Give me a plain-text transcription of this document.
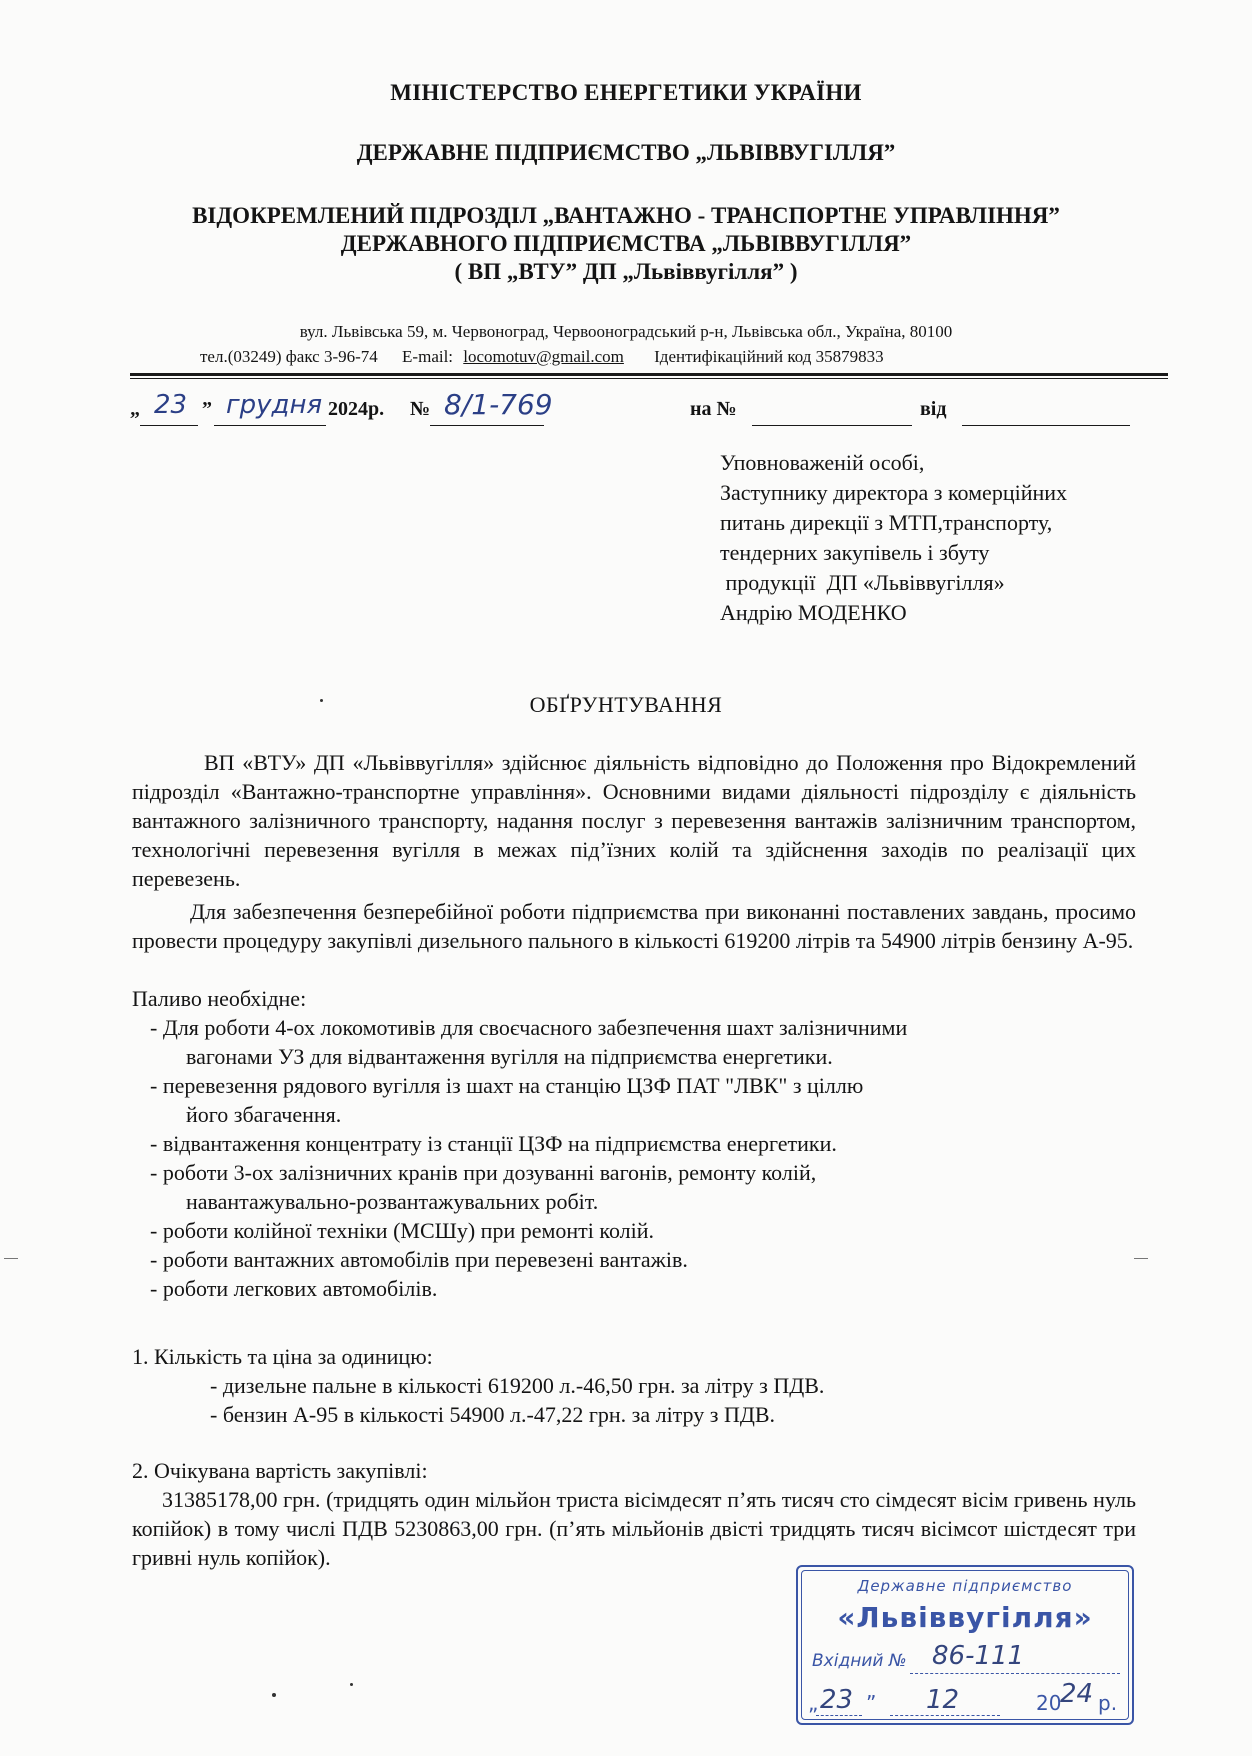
МІНІСТЕРСТВО ЕНЕРГЕТИКИ УКРАЇНИ
ДЕРЖАВНЕ ПІДПРИЄМСТВО „ЛЬВІВВУГІЛЛЯ”
ВІДОКРЕМЛЕНИЙ ПІДРОЗДІЛ „ВАНТАЖНО - ТРАНСПОРТНЕ УПРАВЛІННЯ”
ДЕРЖАВНОГО ПІДПРИЄМСТВА „ЛЬВІВВУГІЛЛЯ”
( ВП „ВТУ” ДП „Львіввугілля” )
вул. Львівська 59, м. Червоноград, Червооноградський р-н, Львівська обл., Україна, 80100
тел.(03249) факс 3-96-74 E-mail: locomotuv@gmail.com Ідентифікаційний код 35879833
„ 23 ” грудня 2024р. № 8/1-769	на №	від
Уповноваженій особі,
Заступнику директора з комерційних
питань дирекції з МТП,транспорту,
тендерних закупівель і збуту
продукції  ДП «Львіввугілля»
Андрію МОДЕНКО
ОБҐРУНТУВАННЯ
ВП «ВТУ» ДП «Львіввугілля» здійснює діяльність відповідно до Положення про Відокремлений підрозділ «Вантажно-транспортне управління». Основними видами діяльності підрозділу є діяльність вантажного залізничного транспорту, надання послуг з перевезення вантажів залізничним транспортом, технологічні перевезення вугілля в межах під’їзних колій та здійснення заходів по реалізації цих перевезень.
Для забезпечення безперебійної роботи підприємства при виконанні поставлених завдань, просимо провести процедуру закупівлі дизельного пального в кількості 619200 літрів та 54900 літрів бензину А-95.
Паливо необхідне:
- Для роботи 4-ох локомотивів для своєчасного забезпечення шахт залізничними
вагонами УЗ для відвантаження вугілля на підприємства енергетики.
- перевезення рядового вугілля із шахт на станцію ЦЗФ ПАТ "ЛВК" з ціллю
його збагачення.
- відвантаження концентрату із станції ЦЗФ на підприємства енергетики.
- роботи 3-ох залізничних кранів при дозуванні вагонів, ремонту колій,
навантажувально-розвантажувальних робіт.
- роботи колійної техніки (МСШу) при ремонті колій.
- роботи вантажних автомобілів при перевезені вантажів.
- роботи легкових автомобілів.
1. Кількість та ціна за одиницю:
- дизельне пальне в кількості 619200 л.-46,50 грн. за літру з ПДВ.
- бензин А-95 в кількості 54900 л.-47,22 грн. за літру з ПДВ.
2. Очікувана вартість закупівлі:
31385178,00 грн. (тридцять один мільйон триста вісімдесят п’ять тисяч сто сімдесят вісім гривень нуль копійок) в тому числі ПДВ 5230863,00 грн. (п’ять мільйонів двісті тридцять тисяч вісімсот шістдесят три гривні нуль копійок).
Державне підприємство
«Львіввугілля»
Вхідний № 86-111
„ 23 ” 12	20
24 р.
